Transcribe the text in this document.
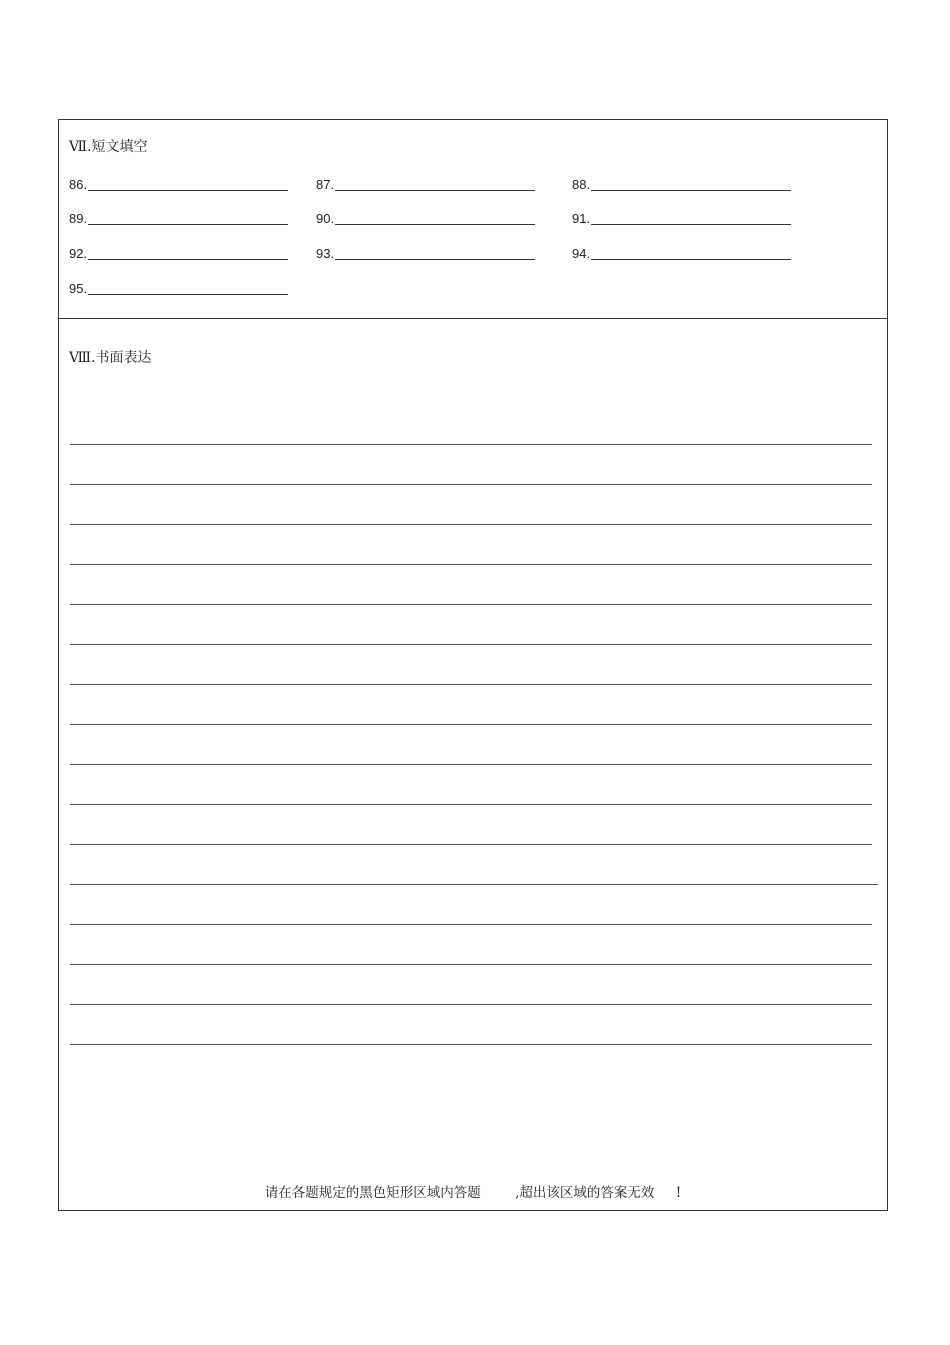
Ⅶ.短文填空
86.	87.	88.
89.	90.	91.
92.	93.	94.
95.
Ⅷ.书面表达
请在各题规定的黑色矩形区域内答题        ,超出该区域的答案无效     !
